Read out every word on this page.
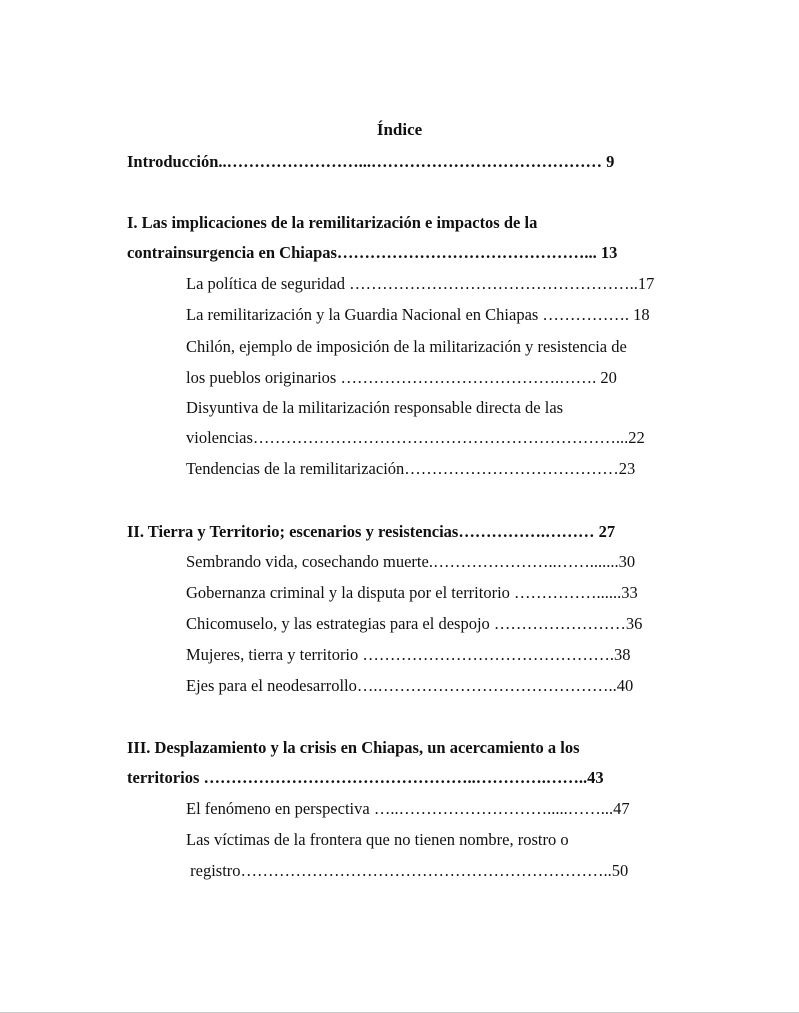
Índice
Introducción..……………………...…………………………………… 9
I. Las implicaciones de la remilitarización e impactos de la
contrainsurgencia en Chiapas………………………………………... 13
La política de seguridad ……………………………………………..17
La remilitarización y la Guardia Nacional en Chiapas ……………. 18
Chilón, ejemplo de imposición de la militarización y resistencia de
los pueblos originarios ………………………………….……. 20
Disyuntiva de la militarización responsable directa de las
violencias…………………………………………………………...22
Tendencias de la remilitarización…………………………………23
II. Tierra y Territorio; escenarios y resistencias…………….……… 27
Sembrando vida, cosechando muerte.…………………..…….......30
Gobernanza criminal y la disputa por el territorio ……………......33
Chicomuselo, y las estrategias para el despojo ……………………36
Mujeres, tierra y territorio ……………………………………….38
Ejes para el neodesarrollo….……………………………………..40
III. Desplazamiento y la crisis en Chiapas, un acercamiento a los
territorios …………………………………………..………….……..43
El fenómeno en perspectiva …..……………………….....……...47
Las víctimas de la frontera que no tienen nombre, rostro o
registro…………………………………………………………..50
